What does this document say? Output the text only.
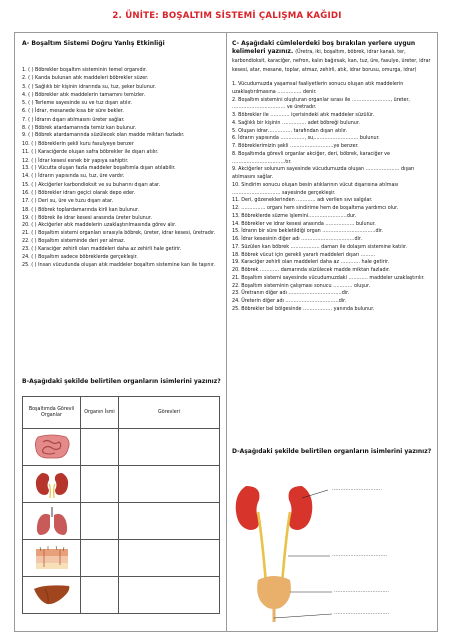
2. ÜNİTE: BOŞALTIM SİSTEMİ ÇALIŞMA KAĞIDI
A- Boşaltım Sistemi Doğru Yanlış Etkinliği
1. ( ) Böbrekler boşaltım sisteminin temel organıdır.
2. ( ) Kanda bulunan atık maddeleri böbrekler süzer.
3. ( ) Sağlıklı bir kişinin idrarında su, tuz, şeker bulunur.
4. ( ) Böbrekler atık maddelerin tamamını temizler.
5. ( ) Terleme sayesinde su ve tuz dışarı atılır.
6. ( ) İdrar, mesanede kısa bir süre bekler.
7. ( ) İdrarın dışarı atılmasını üreter sağlar.
8. ( ) Böbrek atardamarında temiz kan bulunur.
9. ( ) Böbrek atardamarında süzülecek olan madde miktarı fazladır.
10. ( ) Böbreklerin şekli kuru fasulyeye benzer
11. ( ) Karaciğerde oluşan safra böbrekler ile dışarı atılır.
12. ( ) İdrar kesesi esnek bir yapıya sahiptir.
13. ( ) Vücutta oluşan fazla maddeler boşaltımla dışarı atılabilir.
14. ( ) İdrarın yapısında su, tuz, üre vardır.
15. ( ) Akciğerler karbondioksit ve su buharını dışarı atar.
16. ( ) Böbrekler idrarı geçici olarak depo eder.
17. ( ) Deri su, üre ve tuzu dışarı atar.
18. ( ) Böbrek toplardamarında kirli kan bulunur.
19. ( ) Böbrek ile idrar kesesi arasında üreter bulunur.
20. ( ) Akciğerler atık maddelerin uzaklaştırılmasında görev alır.
21. ( ) Boşaltım sistemi organları sırasıyla böbrek, üreter, idrar kesesi, üretradır.
22. ( ) Boşaltım sisteminde deri yer almaz.
23. ( ) Karaciğer zehirli olan maddeleri daha az zehirli hale getirir.
24. ( ) Boşaltım sadece böbreklerde gerçekleşir.
25. ( ) İnsan vücudunda oluşan atık maddeler boşaltım sistemine kan ile taşınır.
B-Aşağıdaki şekilde belirtilen organların isimlerini yazınız?
Boşaltımda Görevli Organlar	Organın İsmi	Görevleri

C- Aşağıdaki cümlelerdeki boş bırakılan yerlere uygun kelimeleri yazınız. (Üretra, iki, boşaltım, böbrek, idrar kanalı, ter, karbondioksit, karaciğer, nefron, kalın bağırsak, kan, tuz, üre, fasulye, üreter, idrar kesesi, atar, mesane, toplar, atmaz, zehirli, atık, idrar borusu, omurga, idrar)
1. Vücudumuzda yaşamsal faaliyetlerin sonucu oluşan atık maddelerin uzaklaştırılmasına …………… denir.
2. Boşaltım sistemini oluşturan organlar sırası ile ……………………, üreter, …………………………… ve üretradır.
3. Böbrekler ile ………… içerisindeki atık maddeler süzülür.
4. Sağlıklı bir kişinin …………… adet böbreği bulunur.
5. Oluşan idrar…………… tarafından dışarı atılır.
6. İdrarın yapısında ……………, su,……………………… bulunur.
7. Böbreklerimizin şekli ………………………ye benzer.
8. Boşaltımda görevli organlar akciğer, deri, böbrek, karaciğer ve ……………………………tır.
9. Akciğerler solunum sayesinde vücudumuzda oluşan ………………… dışarı atılmasını sağlar.
10. Sindirim sonucu oluşan besin atıklarının vücut dışarısına atılması ………………………… sayesinde gerçekleşir.
11. Deri, gözeneklerinden ………… adı verilen sıvı salgılar.
12. …………… organı hem sindirime hem de boşaltıma yardımcı olur.
13. Böbreklerde süzme işlemini……………………dur.
14. Böbrekler ve idrar kesesi arasında ……………… bulunur.
15. İdrarın bir süre bekletildiği organ ……………………………dir.
16. İdrar kesesinin diğer adı ……………………………dir.
17. Süzülen kan böbrek ……………… damarı ile dolaşım sistemine katılır.
18. Böbrek vücut için gerekli yararlı maddeleri dışarı ………
19. Karaciğer zehirli olan maddeleri daha az ………… hale getirir.
20. Böbrek ………… damarında süzülecek madde miktarı fazladır.
21. Boşaltım sistemi sayesinde vücudumuzdaki ………… maddeler uzaklaştırılır.
22. Boşaltım sisteminin çalışması sonucu ………… oluşur.
23. Üretranın diğer adı ……………………………dir.
24. Üreterin diğer adı ……………………………dir.
25. Böbrekler bel bölgesinde ……………… yanında bulunur.
D-Aşağıdaki şekilde belirtilen organların isimlerini yazınız?
…………………………
……………………………
……………………………
……………………………
